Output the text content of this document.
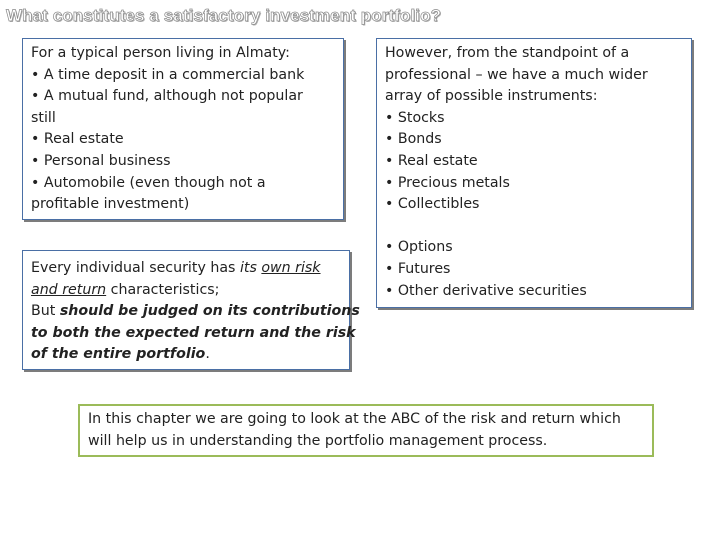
What constitutes a satisfactory investment portfolio?
For a typical person living in Almaty:
• A time deposit in a commercial bank
• A mutual fund, although not popular
still
• Real estate
• Personal business
• Automobile (even though not a
profitable investment)
However, from the standpoint of a
professional – we have a much wider
array of possible instruments:
• Stocks
• Bonds
• Real estate
• Precious metals
• Collectibles
• Options
• Futures
• Other derivative securities
Every individual security has its own risk
and return characteristics;
But should be judged on its contributions
to both the expected return and the risk
of the entire portfolio.
In this chapter we are going to look at the ABC of the risk and return which
will help us in understanding the portfolio management process.
